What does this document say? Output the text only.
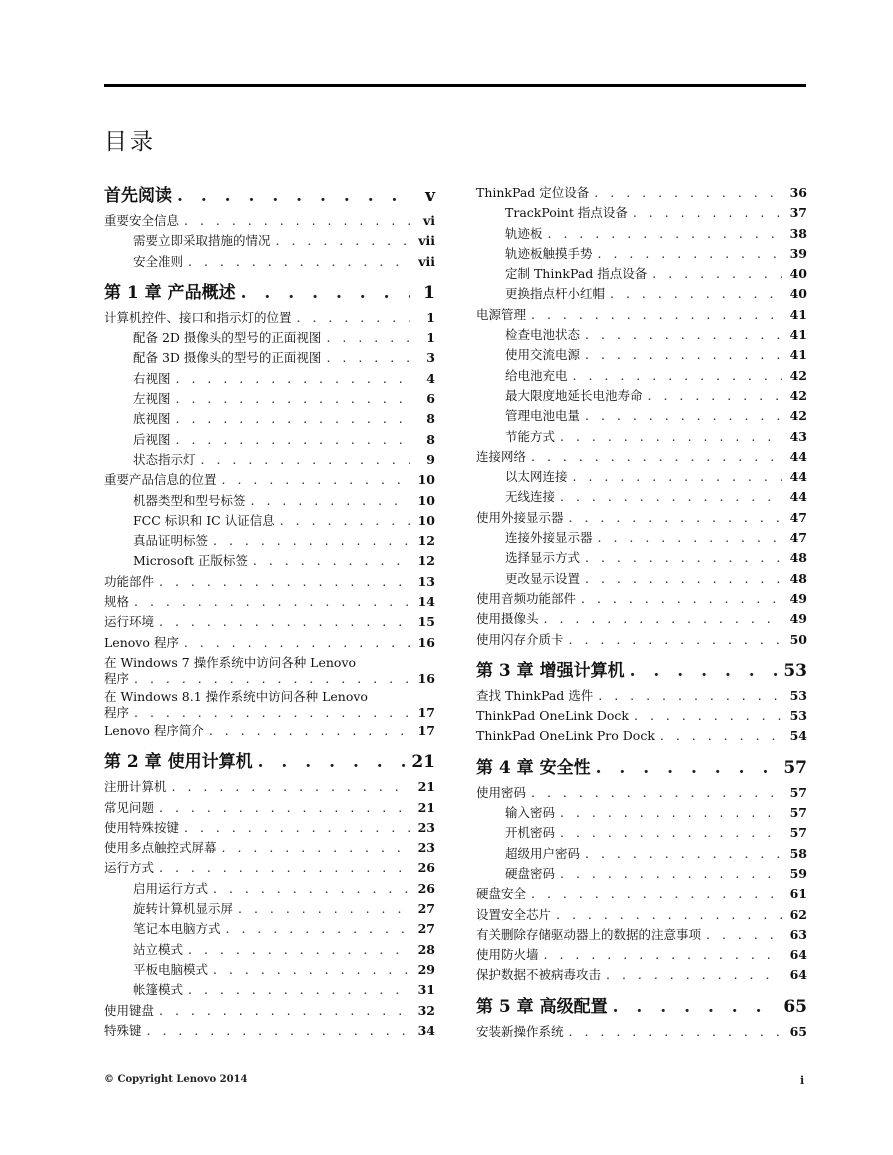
目录
首先阅读 . . .	v
重要安全信息 . . .	vi
需要立即采取措施的情况 . . .	vii
安全准则 . . .	vii
第 1 章 产品概述 . . .	1
计算机控件、接口和指示灯的位置 . . .	1
配备 2D 摄像头的型号的正面视图 . . .	1
配备 3D 摄像头的型号的正面视图 . . .	3
右视图 . . .	4
左视图 . . .	6
底视图 . . .	8
后视图 . . .	8
状态指示灯 . . .	9
重要产品信息的位置 . . .	10
机器类型和型号标签 . . .	10
FCC 标识和 IC 认证信息 . . .	10
真品证明标签 . . .	12
Microsoft 正版标签 . . .	12
功能部件 . . .	13
规格 . . .	14
运行环境 . . .	15
Lenovo 程序 . . .	16
在 Windows 7 操作系统中访问各种 Lenovo
程序 . . .	16
在 Windows 8.1 操作系统中访问各种 Lenovo
程序 . . .	17
Lenovo 程序简介 . . .	17
第 2 章 使用计算机 . . .	21
注册计算机 . . .	21
常见问题 . . .	21
使用特殊按键 . . .	23
使用多点触控式屏幕 . . .	23
运行方式 . . .	26
启用运行方式 . . .	26
旋转计算机显示屏 . . .	27
笔记本电脑方式 . . .	27
站立模式 . . .	28
平板电脑模式 . . .	29
帐篷模式 . . .	31
使用键盘 . . .	32
特殊键 . . .	34
ThinkPad 定位设备 . . .	36
TrackPoint 指点设备 . . .	37
轨迹板 . . .	38
轨迹板触摸手势 . . .	39
定制 ThinkPad 指点设备 . . .	40
更换指点杆小红帽 . . .	40
电源管理 . . .	41
检查电池状态 . . .	41
使用交流电源 . . .	41
给电池充电 . . .	42
最大限度地延长电池寿命 . . .	42
管理电池电量 . . .	42
节能方式 . . .	43
连接网络 . . .	44
以太网连接 . . .	44
无线连接 . . .	44
使用外接显示器 . . .	47
连接外接显示器 . . .	47
选择显示方式 . . .	48
更改显示设置 . . .	48
使用音频功能部件 . . .	49
使用摄像头 . . .	49
使用闪存介质卡 . . .	50
第 3 章 增强计算机 . . .	53
查找 ThinkPad 选件 . . .	53
ThinkPad OneLink Dock . . .	53
ThinkPad OneLink Pro Dock . . .	54
第 4 章 安全性 . . .	57
使用密码 . . .	57
输入密码 . . .	57
开机密码 . . .	57
超级用户密码 . . .	58
硬盘密码 . . .	59
硬盘安全 . . .	61
设置安全芯片 . . .	62
有关删除存储驱动器上的数据的注意事项 . . .	63
使用防火墙 . . .	64
保护数据不被病毒攻击 . . .	64
第 5 章 高级配置 . . .	65
安装新操作系统 . . .	65
© Copyright Lenovo 2014	i
